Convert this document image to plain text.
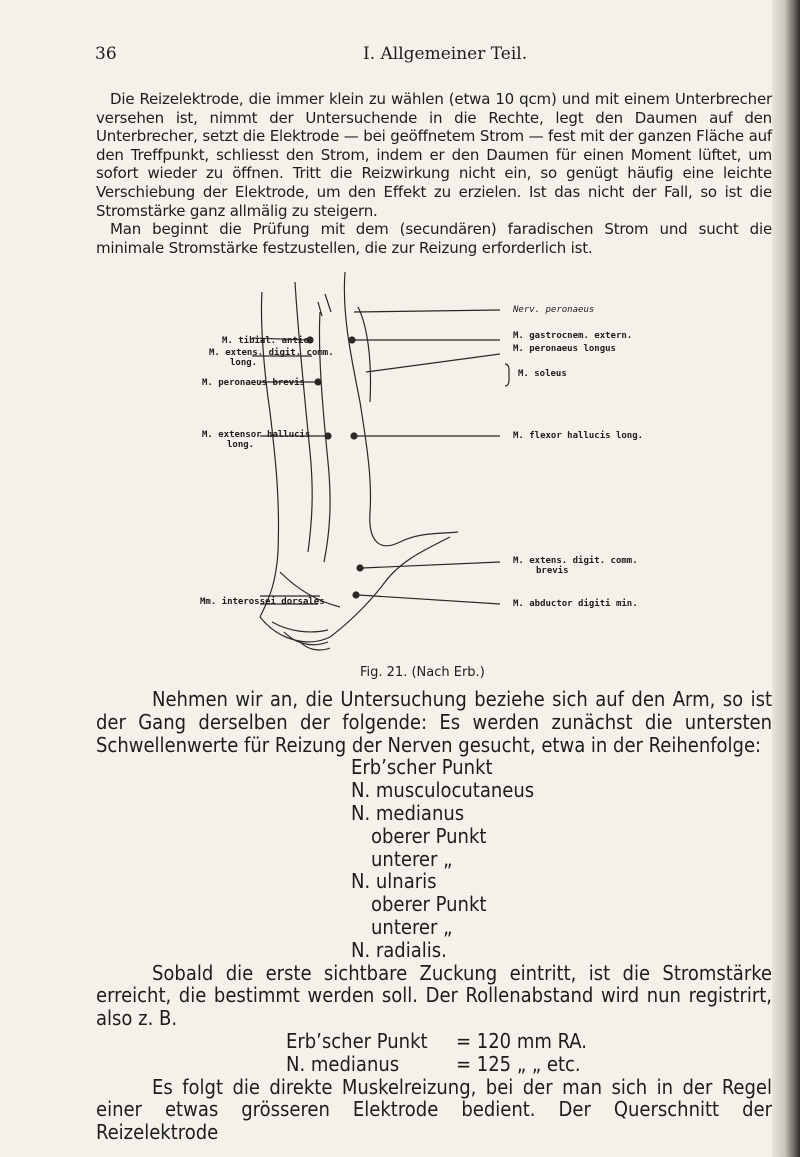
36	I. Allgemeiner Teil.

Die Reizelektrode, die immer klein zu wählen (etwa 10 qcm) und mit einem Unterbrecher versehen ist, nimmt der Untersuchende in die Rechte, legt den Daumen auf den Unterbrecher, setzt die Elektrode — bei geöffnetem Strom — fest mit der ganzen Fläche auf den Treffpunkt, schliesst den Strom, indem er den Daumen für einen Moment lüftet, um sofort wieder zu öffnen. Tritt die Reizwirkung nicht ein, so genügt häufig eine leichte Verschiebung der Elektrode, um den Effekt zu erzielen. Ist das nicht der Fall, so ist die Stromstärke ganz allmälig zu steigern.

Man beginnt die Prüfung mit dem (secundären) faradischen Strom und sucht die minimale Stromstärke festzustellen, die zur Reizung erforderlich ist.

M. tibial. antic.
M. extens. digit. comm.
long.
M. peronaeus brevis
M. extensor hallucis
long.
Mm. interossei dorsales
Nerv. peronaeus
M. gastrocnem. extern.
M. peronaeus longus
M. soleus
M. flexor hallucis long.
M. extens. digit. comm.
brevis
M. abductor digiti min.
Fig. 21. (Nach Erb.)

Nehmen wir an, die Untersuchung beziehe sich auf den Arm, so ist der Gang derselben der folgende: Es werden zunächst die untersten Schwellenwerte für Reizung der Nerven gesucht, etwa in der Reihenfolge:

Erb’scher Punkt
N. musculocutaneus
N. medianus
oberer Punkt
unterer „
N. ulnaris
oberer Punkt
unterer „
N. radialis.

Sobald die erste sichtbare Zuckung eintritt, ist die Stromstärke erreicht, die bestimmt werden soll. Der Rollenabstand wird nun registrirt, also z. B.

Erb’scher Punkt	= 120 mm RA.
N. medianus	= 125 „ „ etc.

Es folgt die direkte Muskelreizung, bei der man sich in der Regel einer etwas grösseren Elektrode bedient. Der Querschnitt der Reizelektrode
